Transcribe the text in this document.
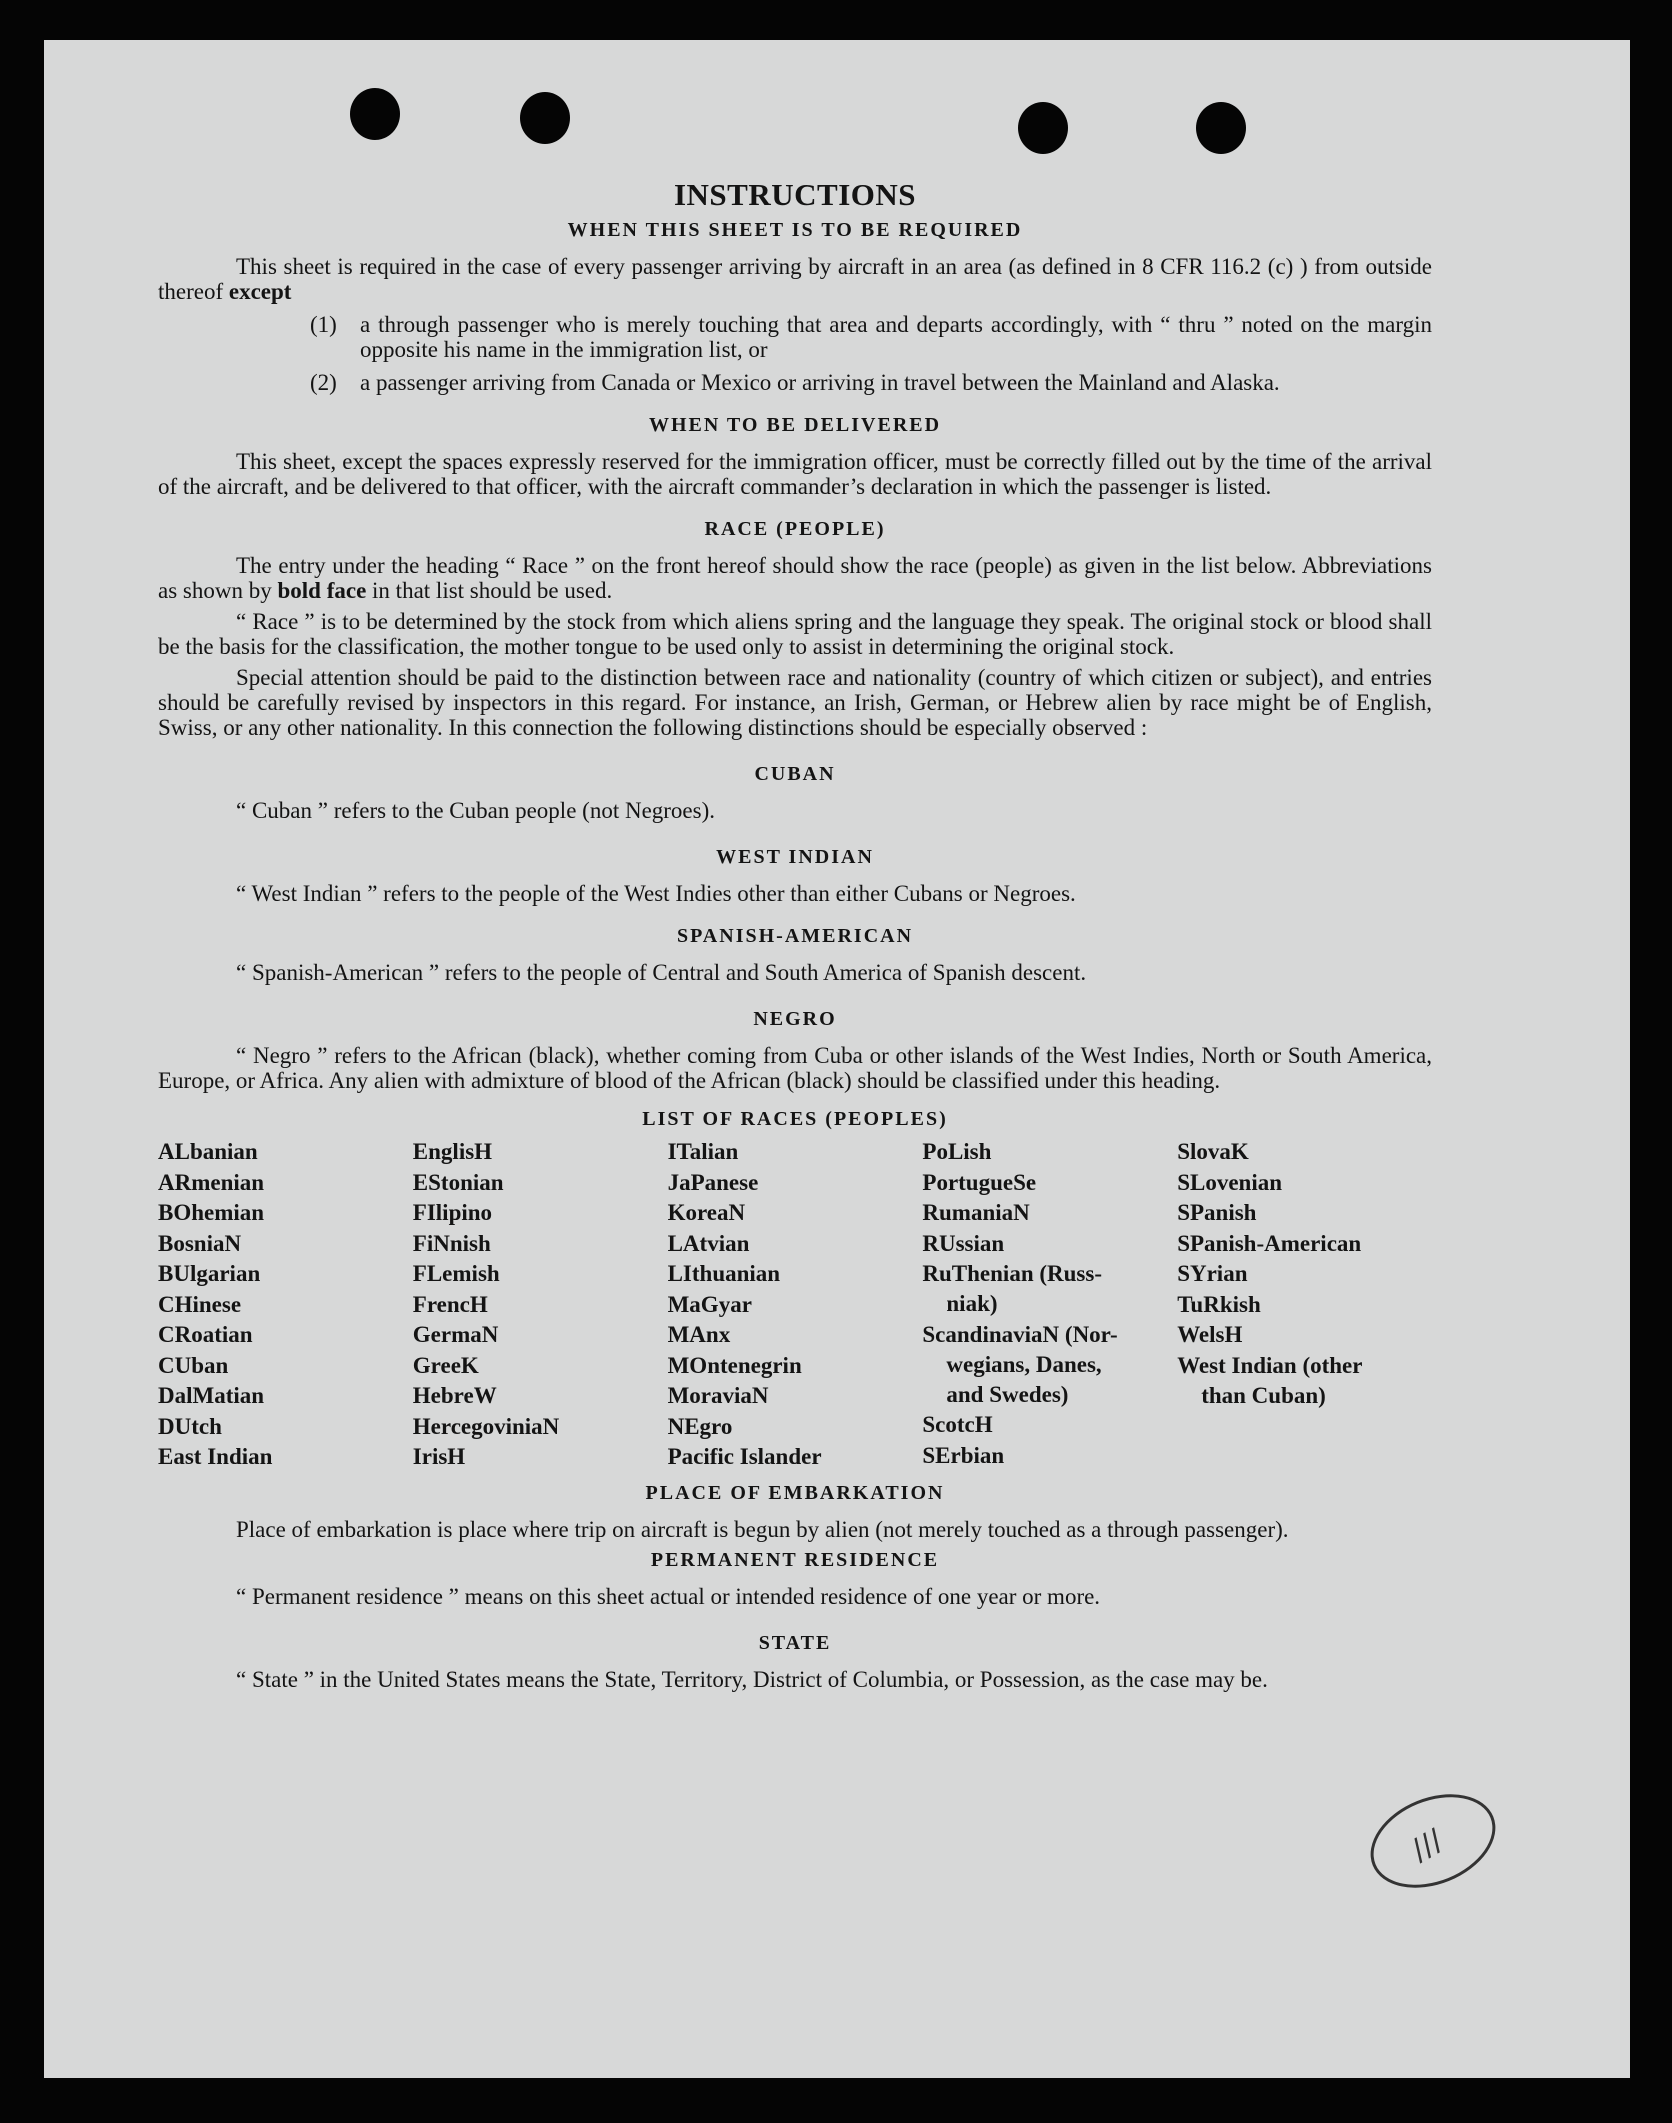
INSTRUCTIONS
WHEN THIS SHEET IS TO BE REQUIRED

This sheet is required in the case of every passenger arriving by aircraft in an area (as defined in 8 CFR 116.2 (c) ) from outside thereof except

(1)	a through passenger who is merely touching that area and departs accordingly, with “ thru ” noted on the margin opposite his name in the immigration list, or
(2)	a passenger arriving from Canada or Mexico or arriving in travel between the Mainland and Alaska.
WHEN TO BE DELIVERED

This sheet, except the spaces expressly reserved for the immigration officer, must be correctly filled out by the time of the arrival of the aircraft, and be delivered to that officer, with the aircraft commander’s declaration in which the passenger is listed.

RACE (PEOPLE)

The entry under the heading “ Race ” on the front hereof should show the race (people) as given in the list below. Abbreviations as shown by bold face in that list should be used.

“ Race ” is to be determined by the stock from which aliens spring and the language they speak. The original stock or blood shall be the basis for the classification, the mother tongue to be used only to assist in determining the original stock.

Special attention should be paid to the distinction between race and nationality (country of which citizen or subject), and entries should be carefully revised by inspectors in this regard. For instance, an Irish, German, or Hebrew alien by race might be of English, Swiss, or any other nationality. In this connection the following distinctions should be especially observed :

CUBAN

“ Cuban ” refers to the Cuban people (not Negroes).

WEST INDIAN

“ West Indian ” refers to the people of the West Indies other than either Cubans or Negroes.

SPANISH-AMERICAN

“ Spanish-American ” refers to the people of Central and South America of Spanish descent.

NEGRO

“ Negro ” refers to the African (black), whether coming from Cuba or other islands of the West Indies, North or South America, Europe, or Africa. Any alien with admixture of blood of the African (black) should be classified under this heading.

LIST OF RACES (PEOPLES)
ALbanian
ARmenian
BOhemian
BosniaN
BUlgarian
CHinese
CRoatian
CUban
DalMatian
DUtch
East Indian
EnglisH
EStonian
FIlipino
FiNnish
FLemish
FrencH
GermaN
GreeK
HebreW
HercegoviniaN
IrisH
ITalian
JaPanese
KoreaN
LAtvian
LIthuanian
MaGyar
MAnx
MOntenegrin
MoraviaN
NEgro
Pacific Islander
PoLish
PortugueSe
RumaniaN
RUssian
RuThenian (Russ-
niak)
ScandinaviaN (Nor-
wegians, Danes,
and Swedes)
ScotcH
SErbian
SlovaK
SLovenian
SPanish
SPanish-American
SYrian
TuRkish
WelsH
West Indian (other
than Cuban)
PLACE OF EMBARKATION

Place of embarkation is place where trip on aircraft is begun by alien (not merely touched as a through passenger).

PERMANENT RESIDENCE

“ Permanent residence ” means on this sheet actual or intended residence of one year or more.

STATE

“ State ” in the United States means the State, Territory, District of Columbia, or Possession, as the case may be.

///
